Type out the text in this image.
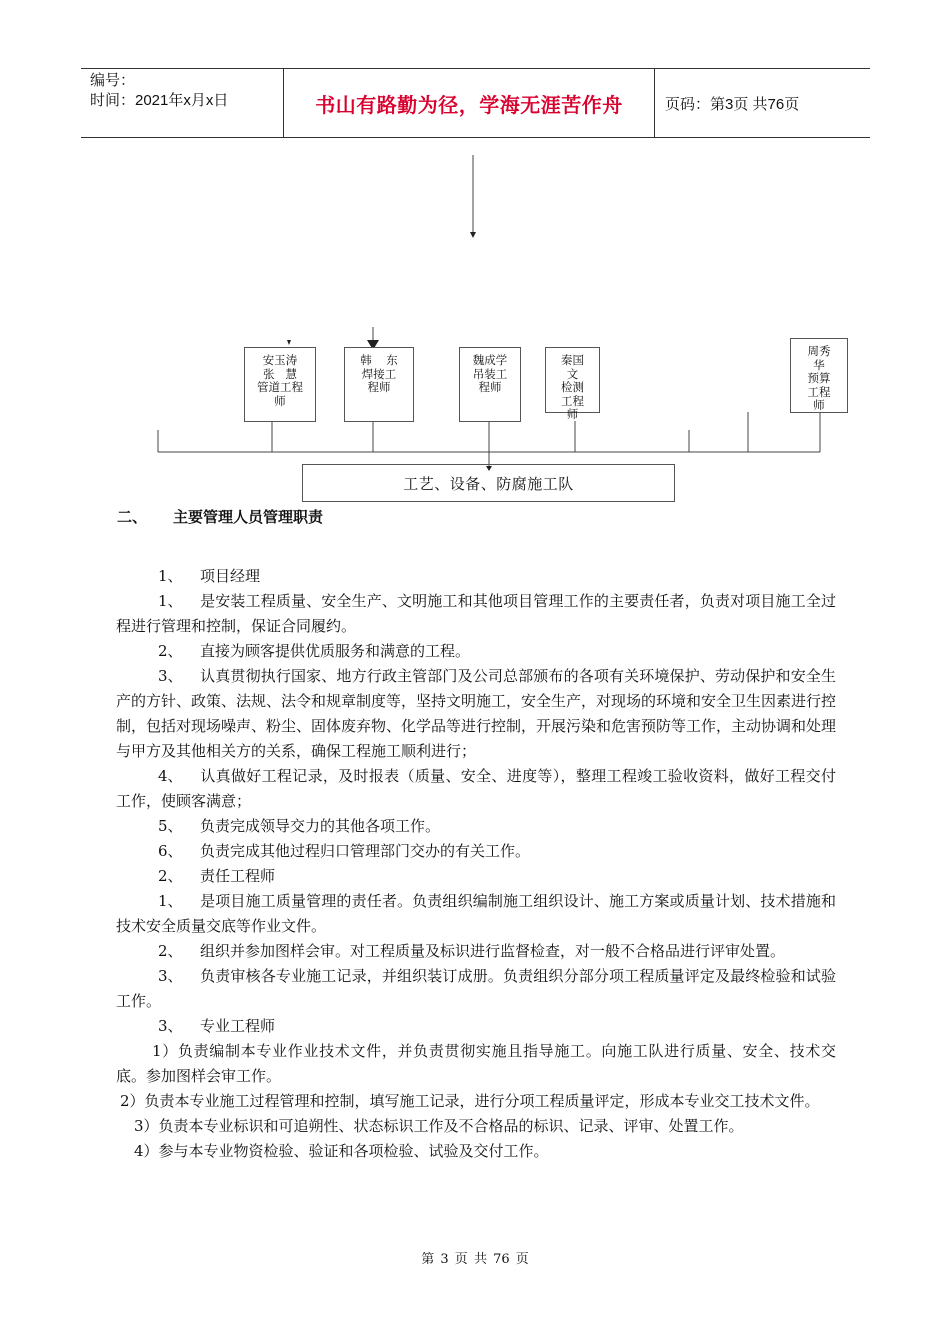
编号：
时间：2021年x月x日	书山有路勤为径，学海无涯苦作舟	页码：第3页 共76页
安玉涛
张   慧
管道工程
师
韩    东
焊接工
程师
魏成学
吊装工
程师
秦国
文
检测
工程
师
周秀
华
预算
工程
师
工艺、设备、防腐施工队
二、 主要管理人员管理职责

1、 项目经理

1、 是安装工程质量、安全生产、文明施工和其他项目管理工作的主要责任者，负责对项目施工全过程进行管理和控制，保证合同履约。

2、 直接为顾客提供优质服务和满意的工程。

3、 认真贯彻执行国家、地方行政主管部门及公司总部颁布的各项有关环境保护、劳动保护和安全生产的方针、政策、法规、法令和规章制度等，坚持文明施工，安全生产，对现场的环境和安全卫生因素进行控制，包括对现场噪声、粉尘、固体废弃物、化学品等进行控制，开展污染和危害预防等工作，主动协调和处理与甲方及其他相关方的关系，确保工程施工顺利进行；

4、 认真做好工程记录，及时报表（质量、安全、进度等），整理工程竣工验收资料，做好工程交付工作，使顾客满意；

5、 负责完成领导交力的其他各项工作。

6、 负责完成其他过程归口管理部门交办的有关工作。

2、 责任工程师

1、 是项目施工质量管理的责任者。负责组织编制施工组织设计、施工方案或质量计划、技术措施和技术安全质量交底等作业文件。

2、 组织并参加图样会审。对工程质量及标识进行监督检查，对一般不合格品进行评审处置。

3、 负责审核各专业施工记录，并组织装订成册。负责组织分部分项工程质量评定及最终检验和试验工作。

3、 专业工程师

1）负责编制本专业作业技术文件，并负责贯彻实施且指导施工。向施工队进行质量、安全、技术交底。参加图样会审工作。

2）负责本专业施工过程管理和控制，填写施工记录，进行分项工程质量评定，形成本专业交工技术文件。

3）负责本专业标识和可追朔性、状态标识工作及不合格品的标识、记录、评审、处置工作。

4）参与本专业物资检验、验证和各项检验、试验及交付工作。

第 3 页 共 76 页
